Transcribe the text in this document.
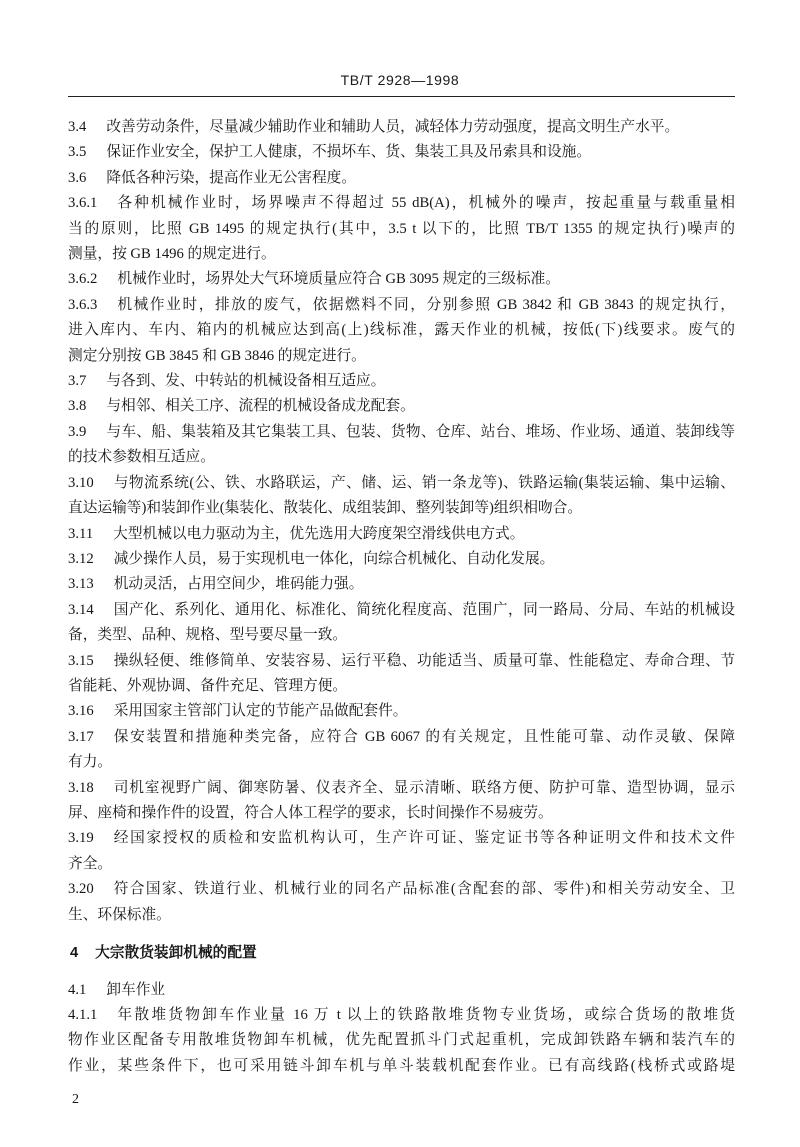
TB/T 2928—1998
3.4 改善劳动条件，尽量减少辅助作业和辅助人员，减轻体力劳动强度，提高文明生产水平。
3.5 保证作业安全，保护工人健康，不损坏车、货、集装工具及吊索具和设施。
3.6 降低各种污染，提高作业无公害程度。
3.6.1 各种机械作业时，场界噪声不得超过 55 dB(A)，机械外的噪声，按起重量与载重量相
当的原则，比照 GB 1495 的规定执行(其中，3.5 t 以下的，比照 TB/T 1355 的规定执行)噪声的
测量，按 GB 1496 的规定进行。
3.6.2 机械作业时，场界处大气环境质量应符合 GB 3095 规定的三级标准。
3.6.3 机械作业时，排放的废气，依据燃料不同，分别参照 GB 3842 和 GB 3843 的规定执行，
进入库内、车内、箱内的机械应达到高(上)线标准，露天作业的机械，按低(下)线要求。废气的
测定分别按 GB 3845 和 GB 3846 的规定进行。
3.7 与各到、发、中转站的机械设备相互适应。
3.8 与相邻、相关工序、流程的机械设备成龙配套。
3.9 与车、船、集装箱及其它集装工具、包装、货物、仓库、站台、堆场、作业场、通道、装卸线等
的技术参数相互适应。
3.10 与物流系统(公、铁、水路联运，产、储、运、销一条龙等)、铁路运输(集装运输、集中运输、
直达运输等)和装卸作业(集装化、散装化、成组装卸、整列装卸等)组织相吻合。
3.11 大型机械以电力驱动为主，优先选用大跨度架空滑线供电方式。
3.12 减少操作人员，易于实现机电一体化，向综合机械化、自动化发展。
3.13 机动灵活，占用空间少，堆码能力强。
3.14 国产化、系列化、通用化、标准化、简统化程度高、范围广，同一路局、分局、车站的机械设
备，类型、品种、规格、型号要尽量一致。
3.15 操纵轻便、维修简单、安装容易、运行平稳、功能适当、质量可靠、性能稳定、寿命合理、节
省能耗、外观协调、备件充足、管理方便。
3.16 采用国家主管部门认定的节能产品做配套件。
3.17 保安装置和措施种类完备，应符合 GB 6067 的有关规定，且性能可靠、动作灵敏、保障
有力。
3.18 司机室视野广阔、御寒防暑、仪表齐全、显示清晰、联络方便、防护可靠、造型协调，显示
屏、座椅和操作件的设置，符合人体工程学的要求，长时间操作不易疲劳。
3.19 经国家授权的质检和安监机构认可，生产许可证、鉴定证书等各种证明文件和技术文件
齐全。
3.20 符合国家、铁道行业、机械行业的同名产品标准(含配套的部、零件)和相关劳动安全、卫
生、环保标准。
4 大宗散货装卸机械的配置
4.1 卸车作业
4.1.1 年散堆货物卸车作业量 16 万 t 以上的铁路散堆货物专业货场，或综合货场的散堆货
物作业区配备专用散堆货物卸车机械，优先配置抓斗门式起重机，完成卸铁路车辆和装汽车的
作业，某些条件下，也可采用链斗卸车机与单斗装载机配套作业。已有高线路(栈桥式或路堤
2
